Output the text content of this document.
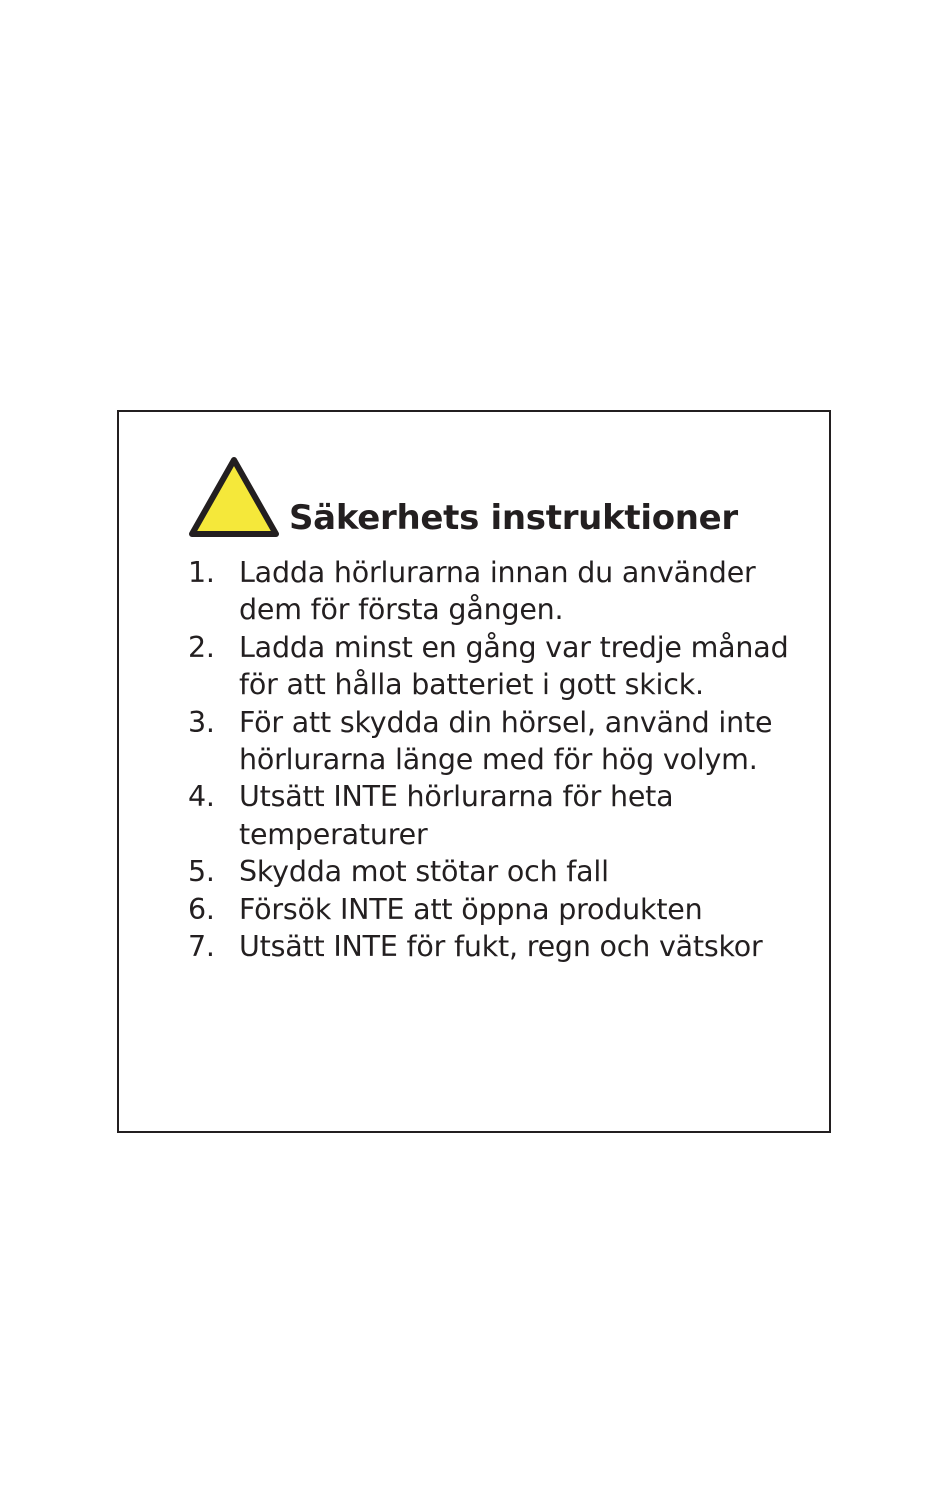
Säkerhets instruktioner
1. Ladda hörlurarna innan du använder dem för första gången.
2. Ladda minst en gång var tredje månad för att hålla batteriet i gott skick.
3. För att skydda din hörsel, använd inte hörlurarna länge med för hög volym.
4. Utsätt INTE hörlurarna för heta temperaturer
5. Skydda mot stötar och fall
6. Försök INTE att öppna produkten
7. Utsätt INTE för fukt, regn och vätskor
